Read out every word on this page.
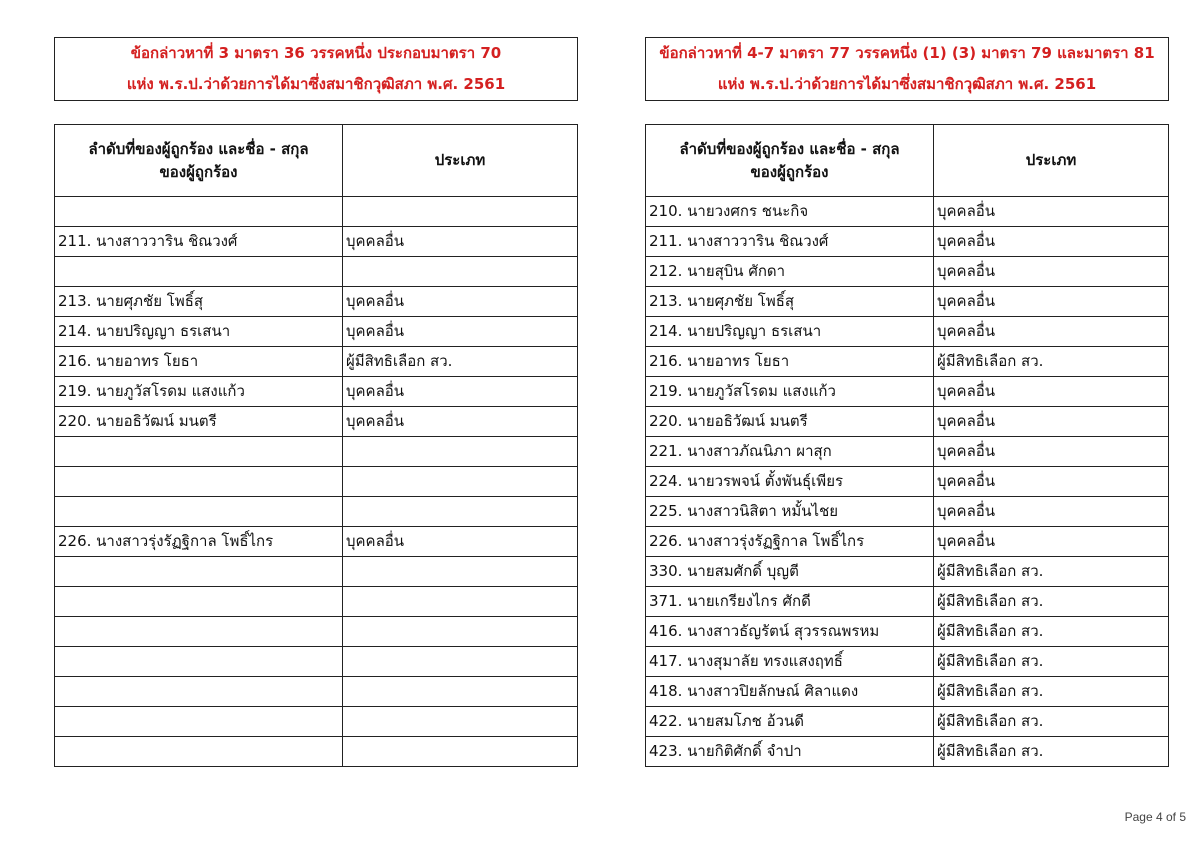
ข้อกล่าวหาที่ 3 มาตรา 36 วรรคหนึ่ง ประกอบมาตรา 70
แห่ง พ.ร.ป.ว่าด้วยการได้มาซึ่งสมาชิกวุฒิสภา พ.ศ. 2561
ลำดับที่ของผู้ถูกร้อง และชื่อ - สกุล
ของผู้ถูกร้อง	ประเภท

211. นางสาววาริน ชิณวงศ์	บุคคลอื่น

213. นายศุภชัย โพธิ์สุ	บุคคลอื่น
214. นายปริญญา ธรเสนา	บุคคลอื่น
216. นายอาทร โยธา	ผู้มีสิทธิเลือก สว.
219. นายภูวัสโรดม แสงแก้ว	บุคคลอื่น
220. นายอธิวัฒน์ มนตรี	บุคคลอื่น

226. นางสาวรุ่งรัฏฐิกาล โพธิ์ไกร	บุคคลอื่น

ข้อกล่าวหาที่ 4-7 มาตรา 77 วรรคหนึ่ง (1) (3) มาตรา 79 และมาตรา 81
แห่ง พ.ร.ป.ว่าด้วยการได้มาซึ่งสมาชิกวุฒิสภา พ.ศ. 2561
ลำดับที่ของผู้ถูกร้อง และชื่อ - สกุล
ของผู้ถูกร้อง	ประเภท
210. นายวงศกร ชนะกิจ	บุคคลอื่น
211. นางสาววาริน ชิณวงศ์	บุคคลอื่น
212. นายสุบิน ศักดา	บุคคลอื่น
213. นายศุภชัย โพธิ์สุ	บุคคลอื่น
214. นายปริญญา ธรเสนา	บุคคลอื่น
216. นายอาทร โยธา	ผู้มีสิทธิเลือก สว.
219. นายภูวัสโรดม แสงแก้ว	บุคคลอื่น
220. นายอธิวัฒน์ มนตรี	บุคคลอื่น
221. นางสาวภัณนิภา ผาสุก	บุคคลอื่น
224. นายวรพจน์ ตั้งพันธุ์เพียร	บุคคลอื่น
225. นางสาวนิสิตา หมั้นไชย	บุคคลอื่น
226. นางสาวรุ่งรัฏฐิกาล โพธิ์ไกร	บุคคลอื่น
330. นายสมศักดิ์ บุญตี	ผู้มีสิทธิเลือก สว.
371. นายเกรียงไกร ศักดี	ผู้มีสิทธิเลือก สว.
416. นางสาวธัญรัตน์ สุวรรณพรหม	ผู้มีสิทธิเลือก สว.
417. นางสุมาลัย ทรงแสงฤทธิ์	ผู้มีสิทธิเลือก สว.
418. นางสาวปิยลักษณ์ ศิลาแดง	ผู้มีสิทธิเลือก สว.
422. นายสมโภช อ้วนดี	ผู้มีสิทธิเลือก สว.
423. นายกิติศักดิ์ จำปา	ผู้มีสิทธิเลือก สว.
Page 4 of 5
